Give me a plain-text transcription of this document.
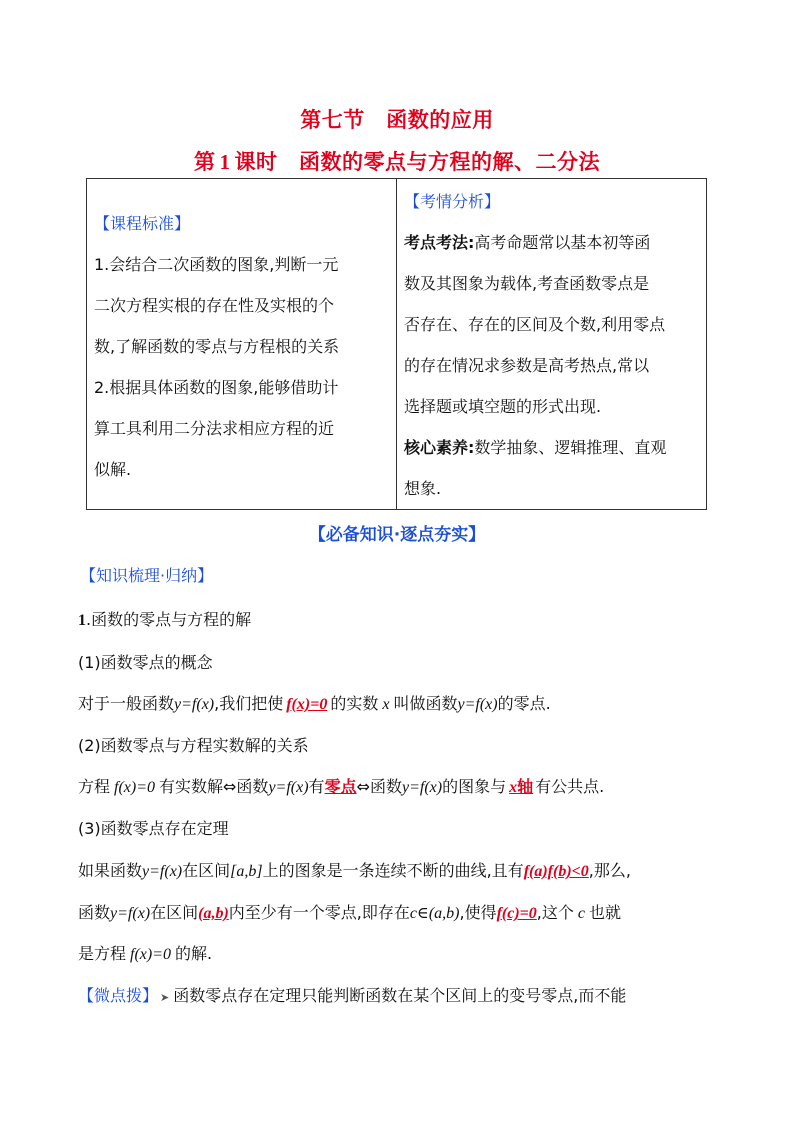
第七节　函数的应用
第 1 课时　函数的零点与方程的解、二分法
【课程标准】
1.会结合二次函数的图象,判断一元
二次方程实根的存在性及实根的个
数,了解函数的零点与方程根的关系
2.根据具体函数的图象,能够借助计
算工具利用二分法求相应方程的近
似解.
【考情分析】
考点考法:高考命题常以基本初等函
数及其图象为载体,考查函数零点是
否存在、存在的区间及个数,利用零点
的存在情况求参数是高考热点,常以
选择题或填空题的形式出现.
核心素养:数学抽象、逻辑推理、直观
想象.
【必备知识·逐点夯实】
【知识梳理·归纳】
1.函数的零点与方程的解
(1)函数零点的概念
对于一般函数y=f(x),我们把使 f(x)=0 的实数 x 叫做函数y=f(x)的零点.
(2)函数零点与方程实数解的关系
方程 f(x)=0 有实数解⇔函数y=f(x)有零点⇔函数y=f(x)的图象与 x轴 有公共点.
(3)函数零点存在定理
如果函数y=f(x)在区间[a,b]上的图象是一条连续不断的曲线,且有f(a)f(b)<0,那么,
函数y=f(x)在区间(a,b)内至少有一个零点,即存在c∈(a,b),使得f(c)=0,这个 c 也就
是方程 f(x)=0 的解.
【微点拨】 ➤ 函数零点存在定理只能判断函数在某个区间上的变号零点,而不能
